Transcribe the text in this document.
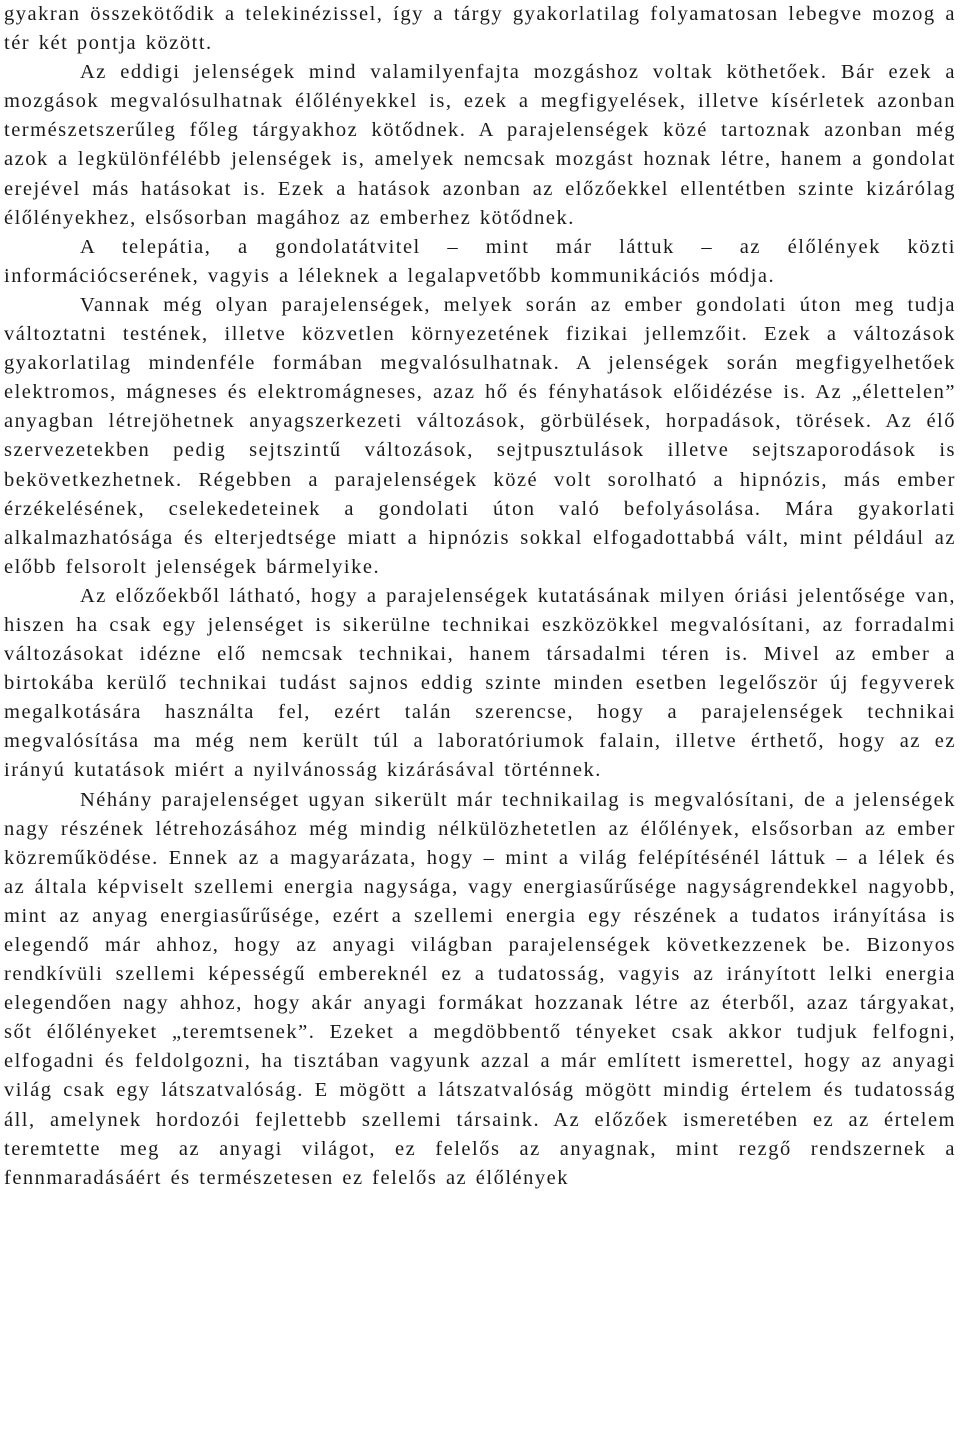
gyakran összekötődik a telekinézissel, így a tárgy gyakorlatilag folyamatosan lebegve mozog a tér két pontja között.

Az eddigi jelenségek mind valamilyenfajta mozgáshoz voltak köthetőek. Bár ezek a mozgások megvalósulhatnak élőlényekkel is, ezek a megfigyelések, illetve kísérletek azonban természetszerűleg főleg tárgyakhoz kötődnek. A parajelenségek közé tartoznak azonban még azok a legkülönfélébb jelenségek is, amelyek nemcsak mozgást hoznak létre, hanem a gondolat erejével más hatásokat is. Ezek a hatások azonban az előzőekkel ellentétben szinte kizárólag élőlényekhez, elsősorban magához az emberhez kötődnek.

A telepátia, a gondolatátvitel – mint már láttuk – az élőlények közti információcserének, vagyis a léleknek a legalapvetőbb kommunikációs módja.

Vannak még olyan parajelenségek, melyek során az ember gondolati úton meg tudja változtatni testének, illetve közvetlen környezetének fizikai jellemzőit. Ezek a változások gyakorlatilag mindenféle formában megvalósulhatnak. A jelenségek során megfigyelhetőek elektromos, mágneses és elektromágneses, azaz hő és fényhatások előidézése is. Az „élettelen” anyagban létrejöhetnek anyagszerkezeti változások, görbülések, horpadások, törések. Az élő szervezetekben pedig sejtszintű változások, sejtpusztulások illetve sejtszaporodások is bekövetkezhetnek. Régebben a parajelenségek közé volt sorolható a hipnózis, más ember érzékelésének, cselekedeteinek a gondolati úton való befolyásolása. Mára gyakorlati alkalmazhatósága és elterjedtsége miatt a hipnózis sokkal elfogadottabbá vált, mint például az előbb felsorolt jelenségek bármelyike.

Az előzőekből látható, hogy a parajelenségek kutatásának milyen óriási jelentősége van, hiszen ha csak egy jelenséget is sikerülne technikai eszközökkel megvalósítani, az forradalmi változásokat idézne elő nemcsak technikai, hanem társadalmi téren is. Mivel az ember a birtokába kerülő technikai tudást sajnos eddig szinte minden esetben legelőször új fegyverek megalkotására használta fel, ezért talán szerencse, hogy a parajelenségek technikai megvalósítása ma még nem került túl a laboratóriumok falain, illetve érthető, hogy az ez irányú kutatások miért a nyilvánosság kizárásával történnek.

Néhány parajelenséget ugyan sikerült már technikailag is megvalósítani, de a jelenségek nagy részének létrehozásához még mindig nélkülözhetetlen az élőlények, elsősorban az ember közreműködése. Ennek az a magyarázata, hogy – mint a világ felépítésénél láttuk – a lélek és az általa képviselt szellemi energia nagysága, vagy energiasűrűsége nagyságrendekkel nagyobb, mint az anyag energiasűrűsége, ezért a szellemi energia egy részének a tudatos irányítása is elegendő már ahhoz, hogy az anyagi világban parajelenségek következzenek be. Bizonyos rendkívüli szellemi képességű embereknél ez a tudatosság, vagyis az irányított lelki energia elegendően nagy ahhoz, hogy akár anyagi formákat hozzanak létre az éterből, azaz tárgyakat, sőt élőlényeket „teremtsenek”. Ezeket a megdöbbentő tényeket csak akkor tudjuk felfogni, elfogadni és feldolgozni, ha tisztában vagyunk azzal a már említett ismerettel, hogy az anyagi világ csak egy látszatvalóság. E mögött a látszatvalóság mögött mindig értelem és tudatosság áll, amelynek hordozói fejlettebb szellemi társaink. Az előzőek ismeretében ez az értelem teremtette meg az anyagi világot, ez felelős az anyagnak, mint rezgő rendszernek a fennmaradásáért és természetesen ez felelős az élőlények
